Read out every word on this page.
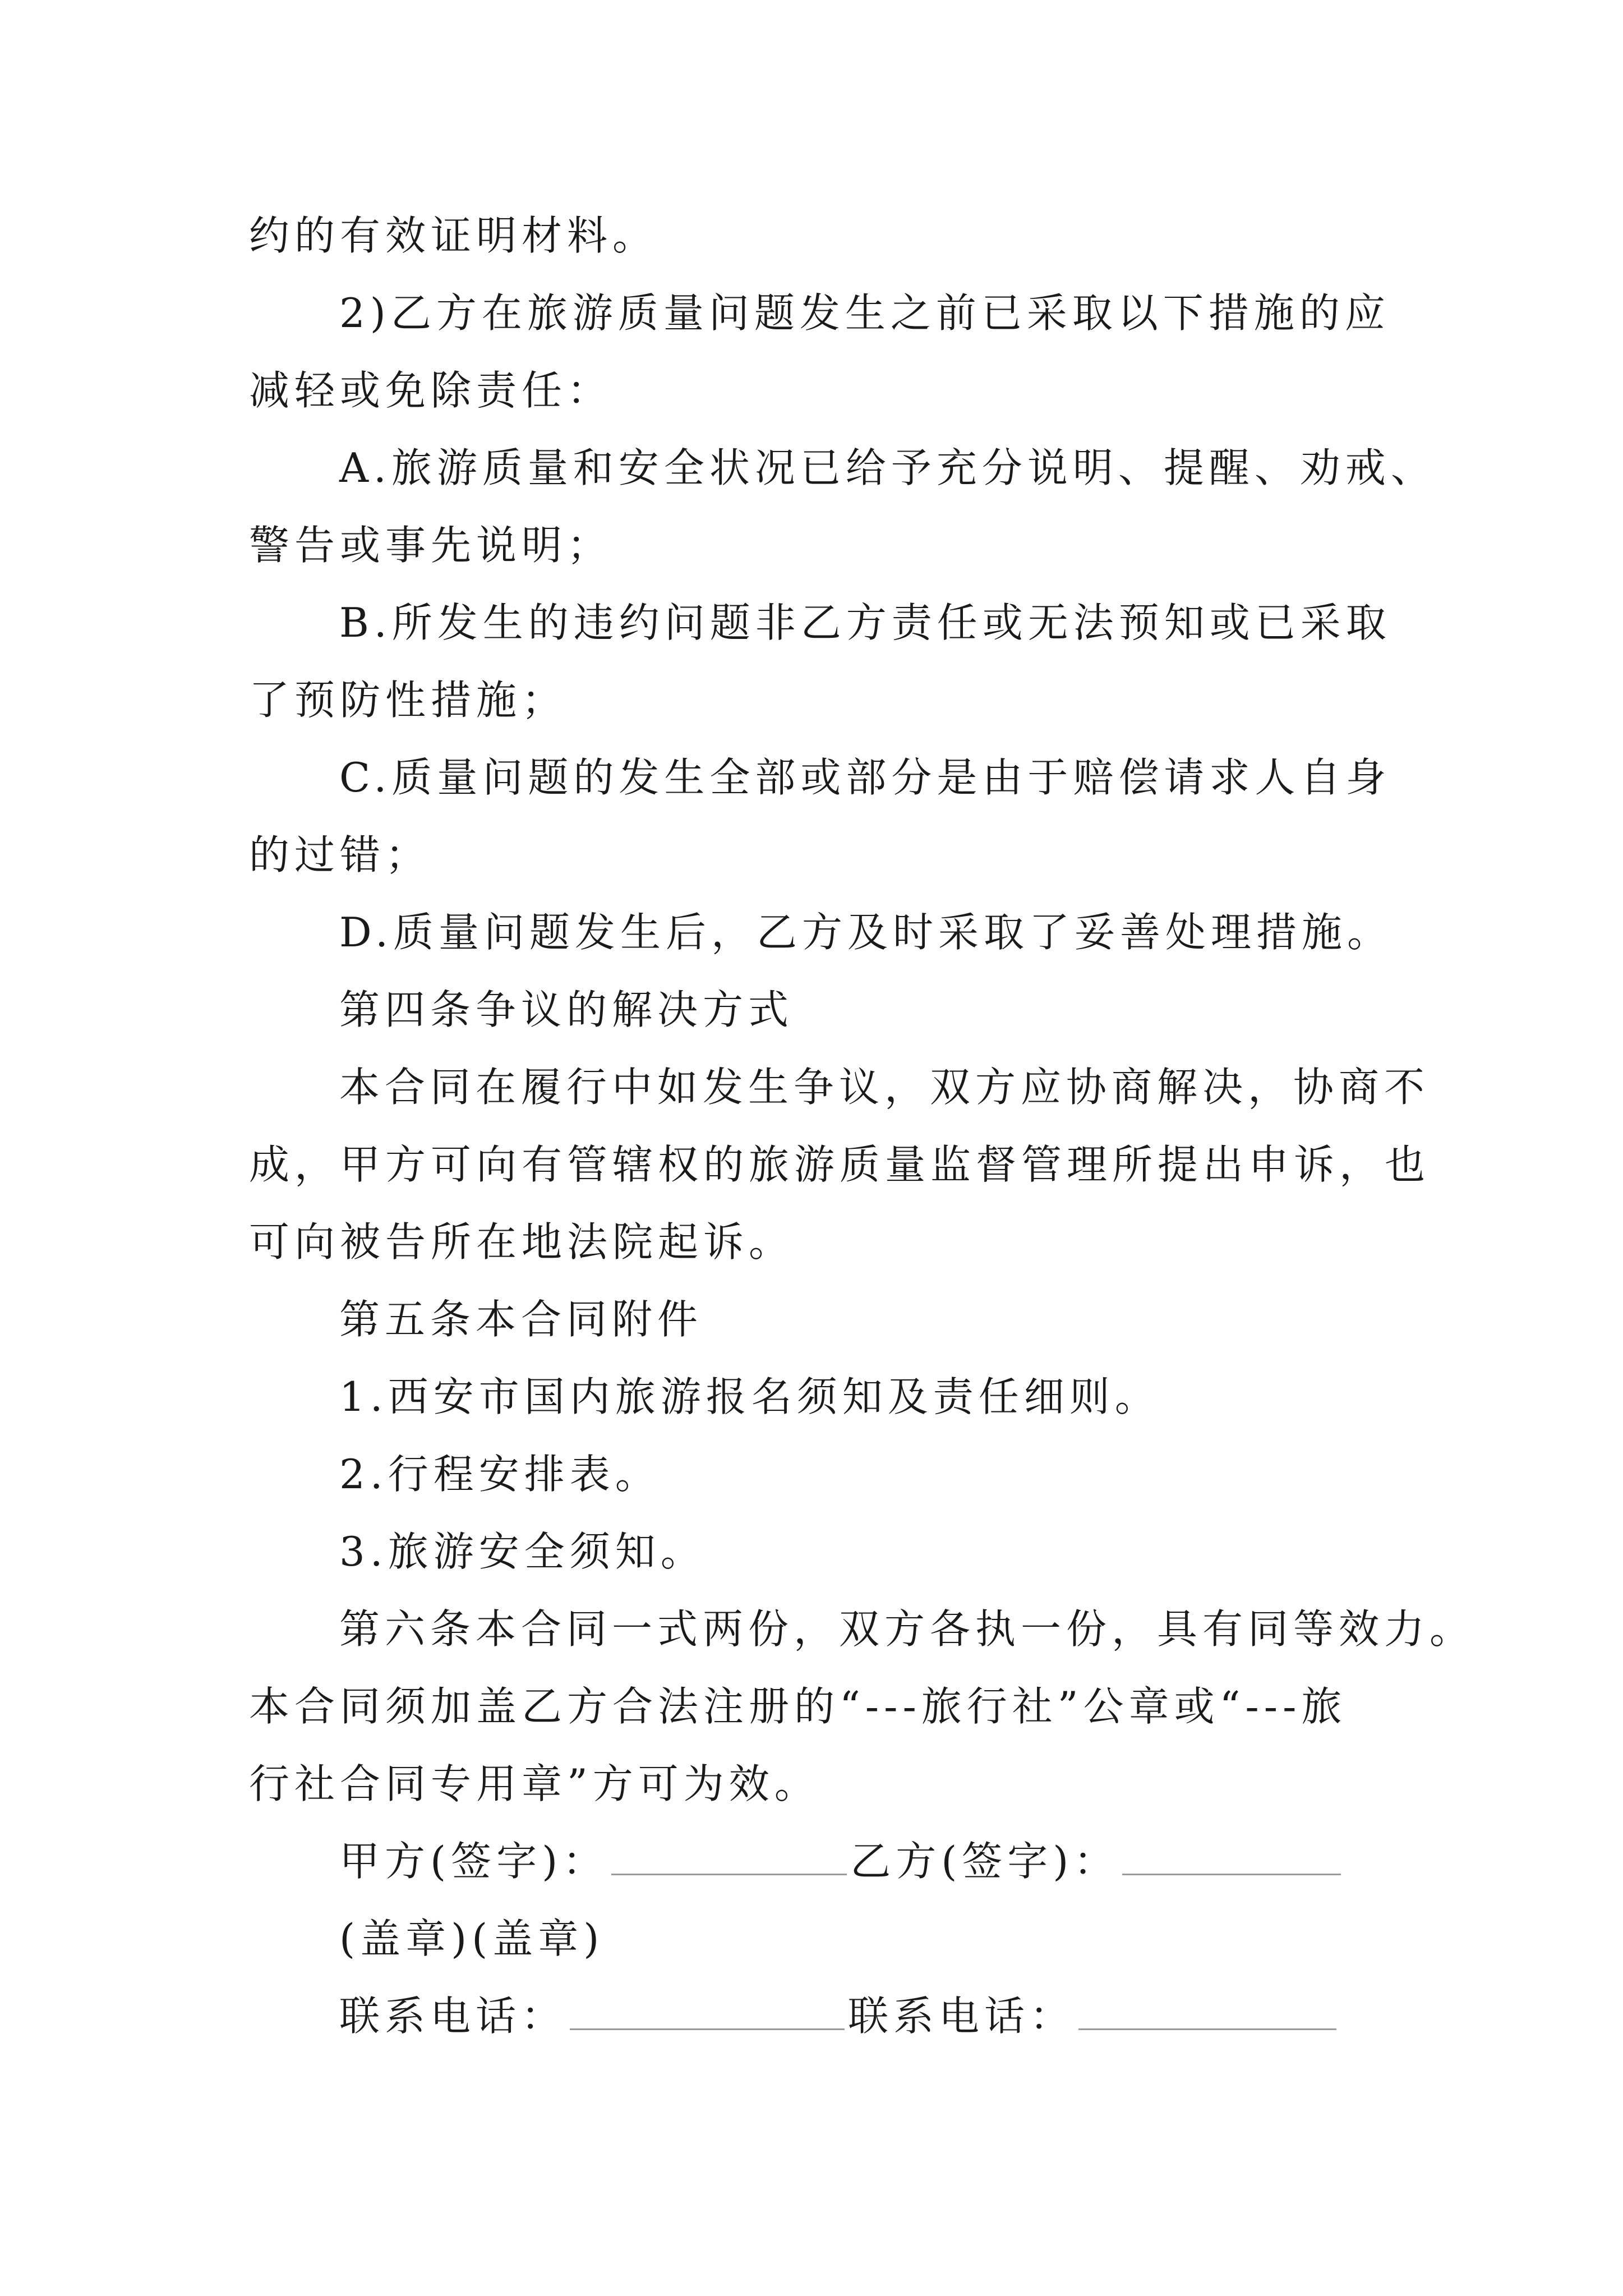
约的有效证明材料。
2)乙方在旅游质量问题发生之前已采取以下措施的应
减轻或免除责任：
A.旅游质量和安全状况已给予充分说明、提醒、劝戒、
警告或事先说明；
B.所发生的违约问题非乙方责任或无法预知或已采取
了预防性措施；
C.质量问题的发生全部或部分是由于赔偿请求人自身
的过错；
D.质量问题发生后，乙方及时采取了妥善处理措施。
第四条争议的解决方式
本合同在履行中如发生争议，双方应协商解决，协商不
成，甲方可向有管辖权的旅游质量监督管理所提出申诉，也
可向被告所在地法院起诉。
第五条本合同附件
1.西安市国内旅游报名须知及责任细则。
2.行程安排表。
3.旅游安全须知。
第六条本合同一式两份，双方各执一份，具有同等效力。
本合同须加盖乙方合法注册的“---旅行社”公章或“---旅
行社合同专用章”方可为效。
甲方(签字)：	乙方(签字)：
(盖章)(盖章)
联系电话：	联系电话：
